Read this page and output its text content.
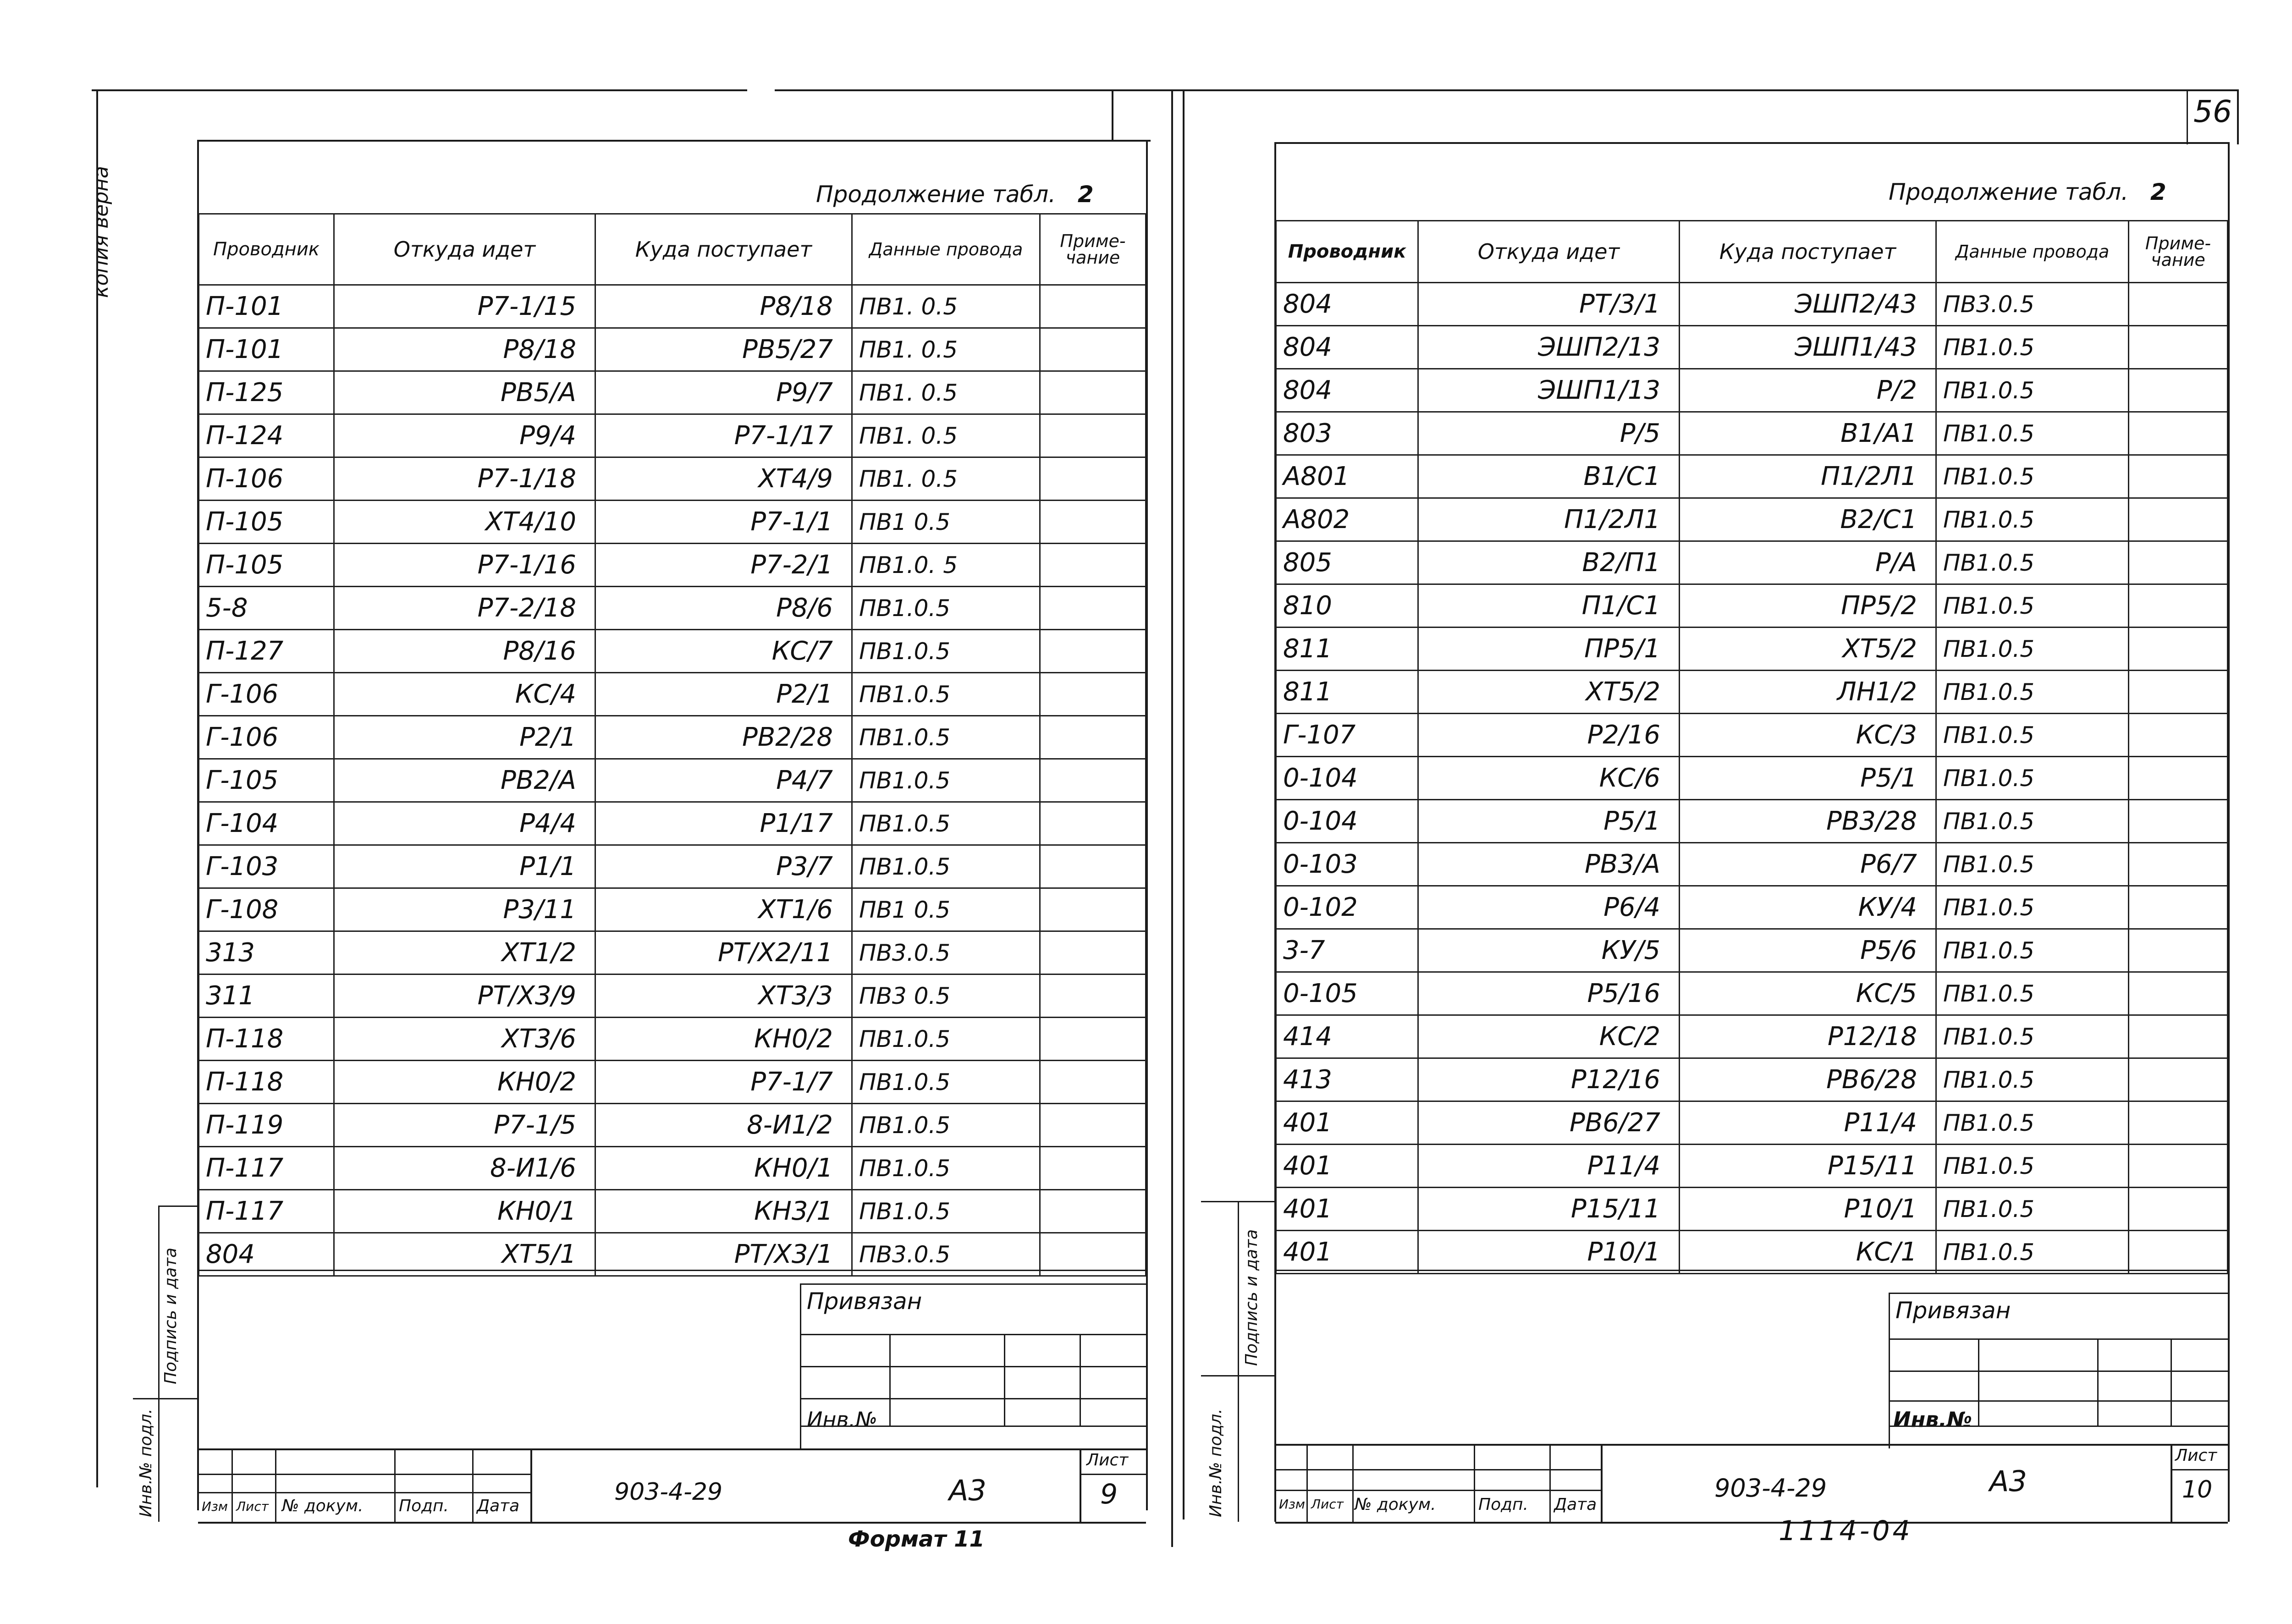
копия верна	Продолжение табл. 2
Проводник	Откуда идет	Куда поступает	Данные провода	Приме-чание
П-101	Р7-1/15	Р8/18	ПВ1. 0.5	
П-101	Р8/18	РВ5/27	ПВ1. 0.5	
П-125	РВ5/А	Р9/7	ПВ1. 0.5	
П-124	Р9/4	Р7-1/17	ПВ1. 0.5	
П-106	Р7-1/18	ХТ4/9	ПВ1. 0.5	
П-105	ХТ4/10	Р7-1/1	ПВ1 0.5	
П-105	Р7-1/16	Р7-2/1	ПВ1.0. 5	
5-8	Р7-2/18	Р8/6	ПВ1.0.5	
П-127	Р8/16	КС/7	ПВ1.0.5	
Г-106	КС/4	Р2/1	ПВ1.0.5	
Г-106	Р2/1	РВ2/28	ПВ1.0.5	
Г-105	РВ2/А	Р4/7	ПВ1.0.5	
Г-104	Р4/4	Р1/17	ПВ1.0.5	
Г-103	Р1/1	Р3/7	ПВ1.0.5	
Г-108	Р3/11	ХТ1/6	ПВ1 0.5	
313	ХТ1/2	РТ/Х2/11	ПВ3.0.5	
311	РТ/Х3/9	ХТ3/3	ПВ3 0.5	
П-118	ХТ3/6	КН0/2	ПВ1.0.5	
П-118	КН0/2	Р7-1/7	ПВ1.0.5	
П-119	Р7-1/5	8-И1/2	ПВ1.0.5	
П-117	8-И1/6	КН0/1	ПВ1.0.5	
П-117	КН0/1	КН3/1	ПВ1.0.5	
804	ХТ5/1	РТ/Х3/1	ПВ3.0.5	
Привязан
Инв.№
Изм Лист № докум. Подп. Дата
903-4-29	А3
Лист
9
Формат 11
Инв.№ подл.
Подпись и дата
56
Продолжение табл. 2
Проводник	Откуда идет	Куда поступает	Данные провода	Приме-чание
804	РТ/3/1	ЭШП2/43	ПВ3.0.5	
804	ЭШП2/13	ЭШП1/43	ПВ1.0.5	
804	ЭШП1/13	Р/2	ПВ1.0.5	
803	Р/5	В1/А1	ПВ1.0.5	
А801	В1/С1	П1/2Л1	ПВ1.0.5	
А802	П1/2Л1	В2/С1	ПВ1.0.5	
805	В2/П1	Р/А	ПВ1.0.5	
810	П1/С1	ПР5/2	ПВ1.0.5	
811	ПР5/1	ХТ5/2	ПВ1.0.5	
811	ХТ5/2	ЛН1/2	ПВ1.0.5	
Г-107	Р2/16	КС/3	ПВ1.0.5	
0-104	КС/6	Р5/1	ПВ1.0.5	
0-104	Р5/1	РВ3/28	ПВ1.0.5	
0-103	РВ3/А	Р6/7	ПВ1.0.5	
0-102	Р6/4	КУ/4	ПВ1.0.5	
3-7	КУ/5	Р5/6	ПВ1.0.5	
0-105	Р5/16	КС/5	ПВ1.0.5	
414	КС/2	Р12/18	ПВ1.0.5	
413	Р12/16	РВ6/28	ПВ1.0.5	
401	РВ6/27	Р11/4	ПВ1.0.5	
401	Р11/4	Р15/11	ПВ1.0.5	
401	Р15/11	Р10/1	ПВ1.0.5	
401	Р10/1	КС/1	ПВ1.0.5	
Привязан
Инв.№
Изм Лист № докум.	Подп. Дата
903-4-29	А3
Лист
10
1114-04
Инв.№ подл.
Подпись и дата
